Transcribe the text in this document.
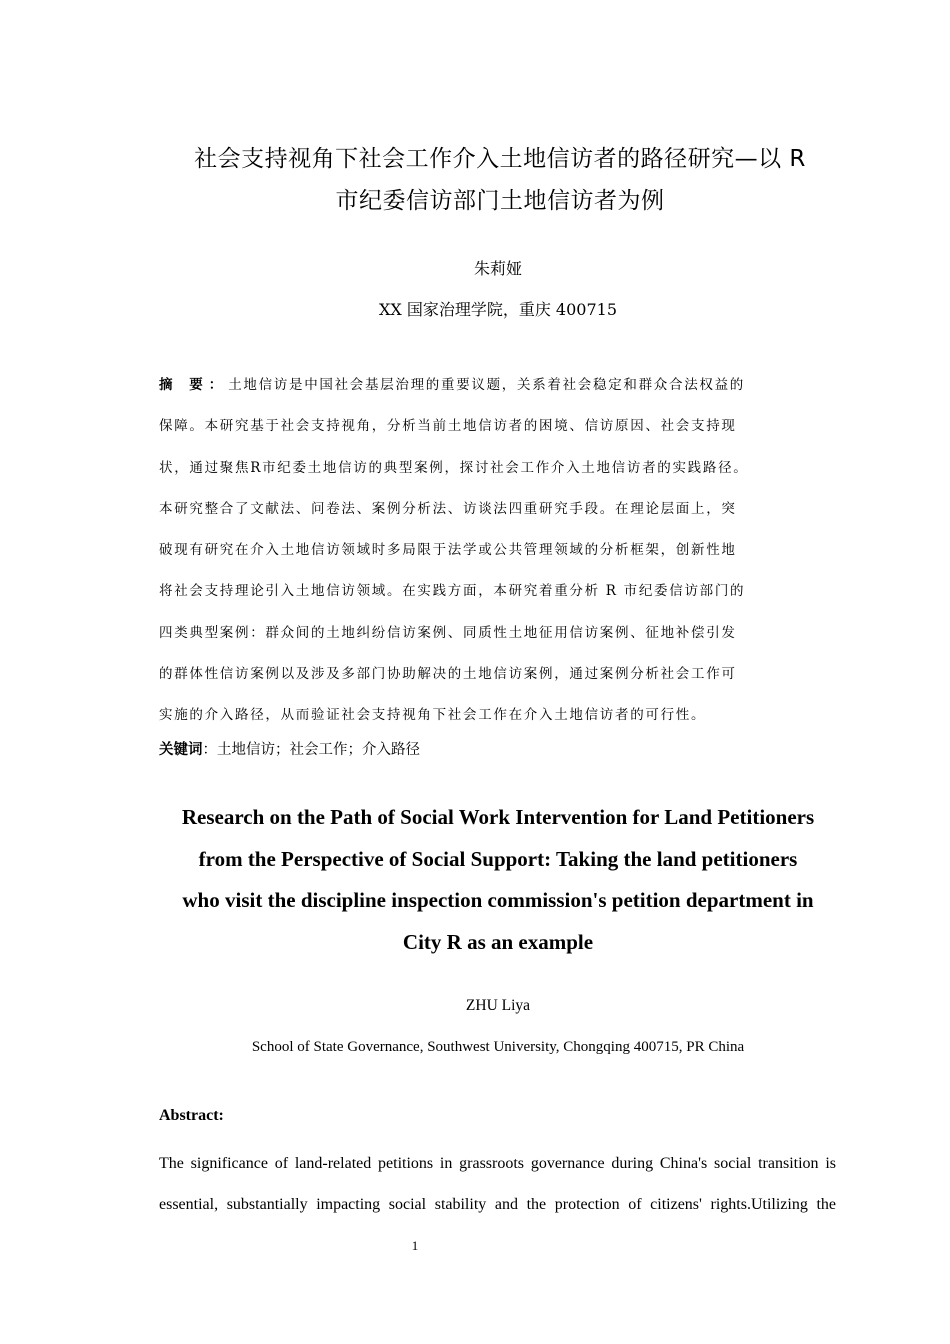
社会支持视角下社会工作介入土地信访者的路径研究—以 R
市纪委信访部门土地信访者为例
朱莉娅
XX 国家治理学院，重庆 400715
摘 要：土地信访是中国社会基层治理的重要议题，关系着社会稳定和群众合法权益的
保障。本研究基于社会支持视角，分析当前土地信访者的困境、信访原因、社会支持现
状，通过聚焦R市纪委土地信访的典型案例，探讨社会工作介入土地信访者的实践路径。
本研究整合了文献法、问卷法、案例分析法、访谈法四重研究手段。在理论层面上，突
破现有研究在介入土地信访领域时多局限于法学或公共管理领域的分析框架，创新性地
将社会支持理论引入土地信访领域。在实践方面，本研究着重分析 R 市纪委信访部门的
四类典型案例：群众间的土地纠纷信访案例、同质性土地征用信访案例、征地补偿引发
的群体性信访案例以及涉及多部门协助解决的土地信访案例，通过案例分析社会工作可
实施的介入路径，从而验证社会支持视角下社会工作在介入土地信访者的可行性。
关键词：土地信访；社会工作；介入路径
Research on the Path of Social Work Intervention for Land Petitioners
from the Perspective of Social Support: Taking the land petitioners
who visit the discipline inspection commission's petition department in
City R as an example
ZHU Liya
School of State Governance, Southwest University, Chongqing 400715, PR China
Abstract:
The significance of land-related petitions in grassroots governance during China's social transition is
essential, substantially impacting social stability and the protection of citizens' rights.Utilizing the
1
